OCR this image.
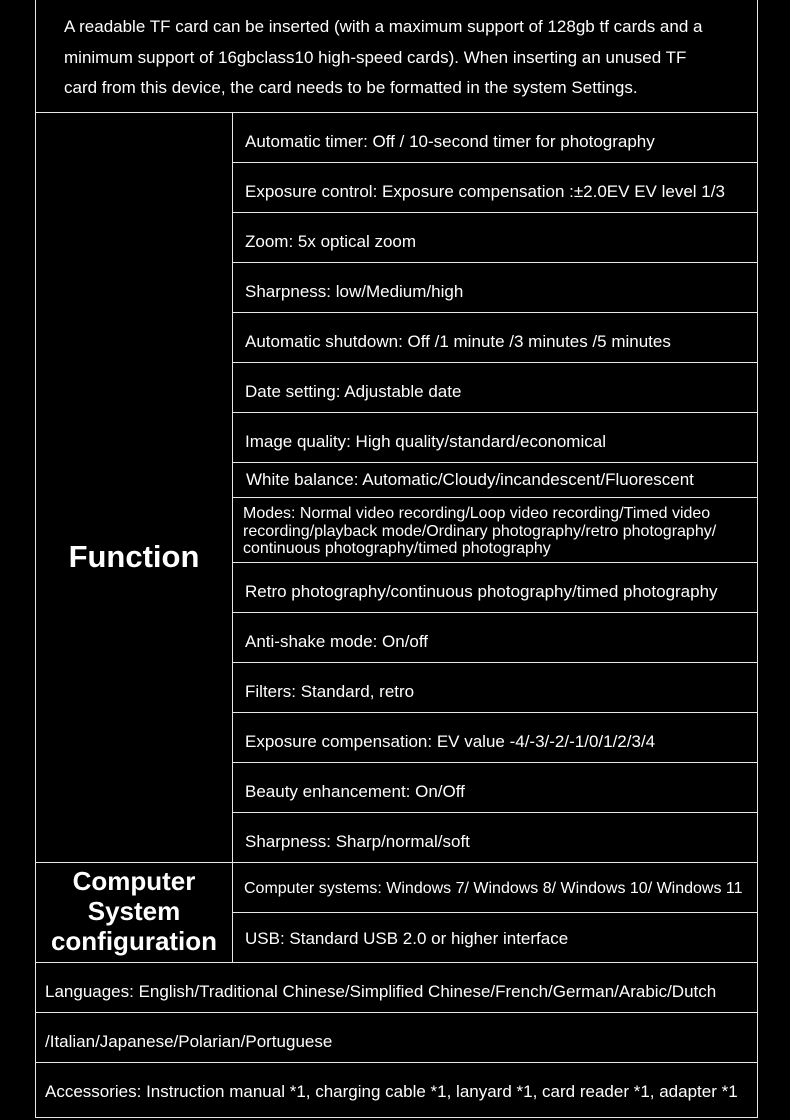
A readable TF card can be inserted (with a maximum support of 128gb tf cards and a
minimum support of 16gbclass10 high-speed cards). When inserting an unused TF
card from this device, the card needs to be formatted in the system Settings.
Function
Automatic timer: Off / 10-second timer for photography
Exposure control: Exposure compensation :±2.0EV EV level 1/3
Zoom: 5x optical zoom
Sharpness: low/Medium/high
Automatic shutdown: Off /1 minute /3 minutes /5 minutes
Date setting: Adjustable date
Image quality: High quality/standard/economical
White balance: Automatic/Cloudy/incandescent/Fluorescent
Modes: Normal video recording/Loop video recording/Timed video
recording/playback mode/Ordinary photography/retro photography/
continuous photography/timed photography
Retro photography/continuous photography/timed photography
Anti-shake mode: On/off
Filters: Standard, retro
Exposure compensation: EV value -4/-3/-2/-1/0/1/2/3/4
Beauty enhancement: On/Off
Sharpness: Sharp/normal/soft
Computer
System
configuration
Computer systems: Windows 7/ Windows 8/ Windows 10/ Windows 11
USB: Standard USB 2.0 or higher interface
Languages: English/Traditional Chinese/Simplified Chinese/French/German/Arabic/Dutch
/Italian/Japanese/Polarian/Portuguese
Accessories: Instruction manual *1, charging cable *1, lanyard *1, card reader *1, adapter *1
